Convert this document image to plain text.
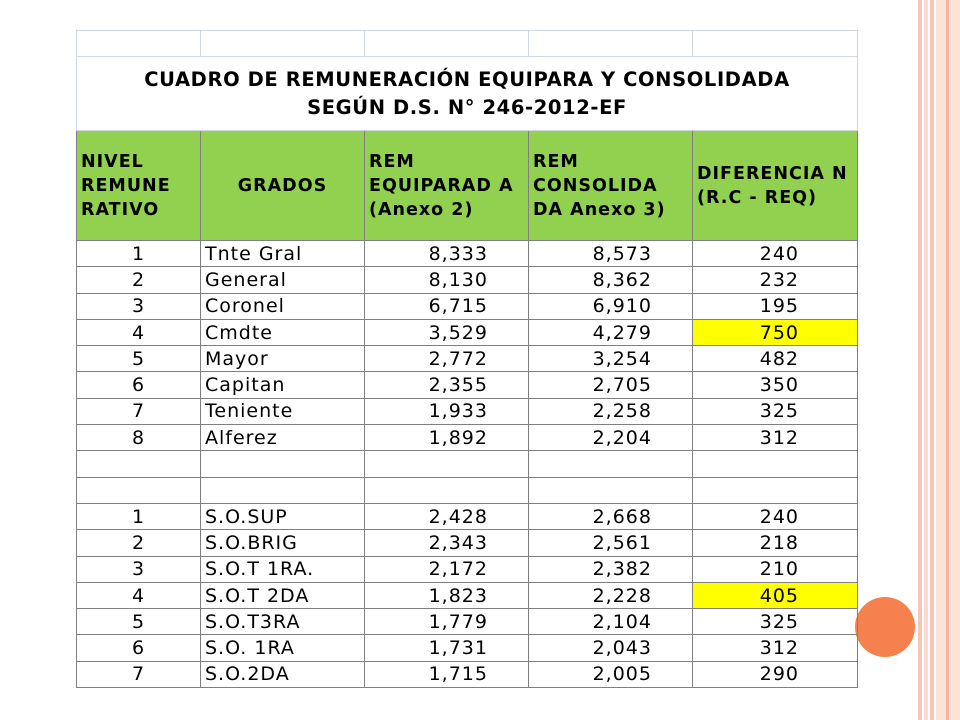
CUADRO DE REMUNERACIÓN EQUIPARA Y CONSOLIDADA
SEGÚN D.S. N° 246-2012-EF				

NIVEL REMUNE RATIVO	GRADOS	REM EQUIPARAD A (Anexo 2)	REM CONSOLIDA DA Anexo 3)	DIFERENCIA N (R.C - REQ)
1	Tnte Gral	8,333	8,573	240
2	General	8,130	8,362	232
3	Coronel	6,715	6,910	195
4	Cmdte	3,529	4,279	750
5	Mayor	2,772	3,254	482
6	Capitan	2,355	2,705	350
7	Teniente	1,933	2,258	325
8	Alferez	1,892	2,204	312

1	S.O.SUP	2,428	2,668	240
2	S.O.BRIG	2,343	2,561	218
3	S.O.T 1RA.	2,172	2,382	210
4	S.O.T 2DA	1,823	2,228	405
5	S.O.T3RA	1,779	2,104	325
6	S.O. 1RA	1,731	2,043	312
7	S.O.2DA	1,715	2,005	290
